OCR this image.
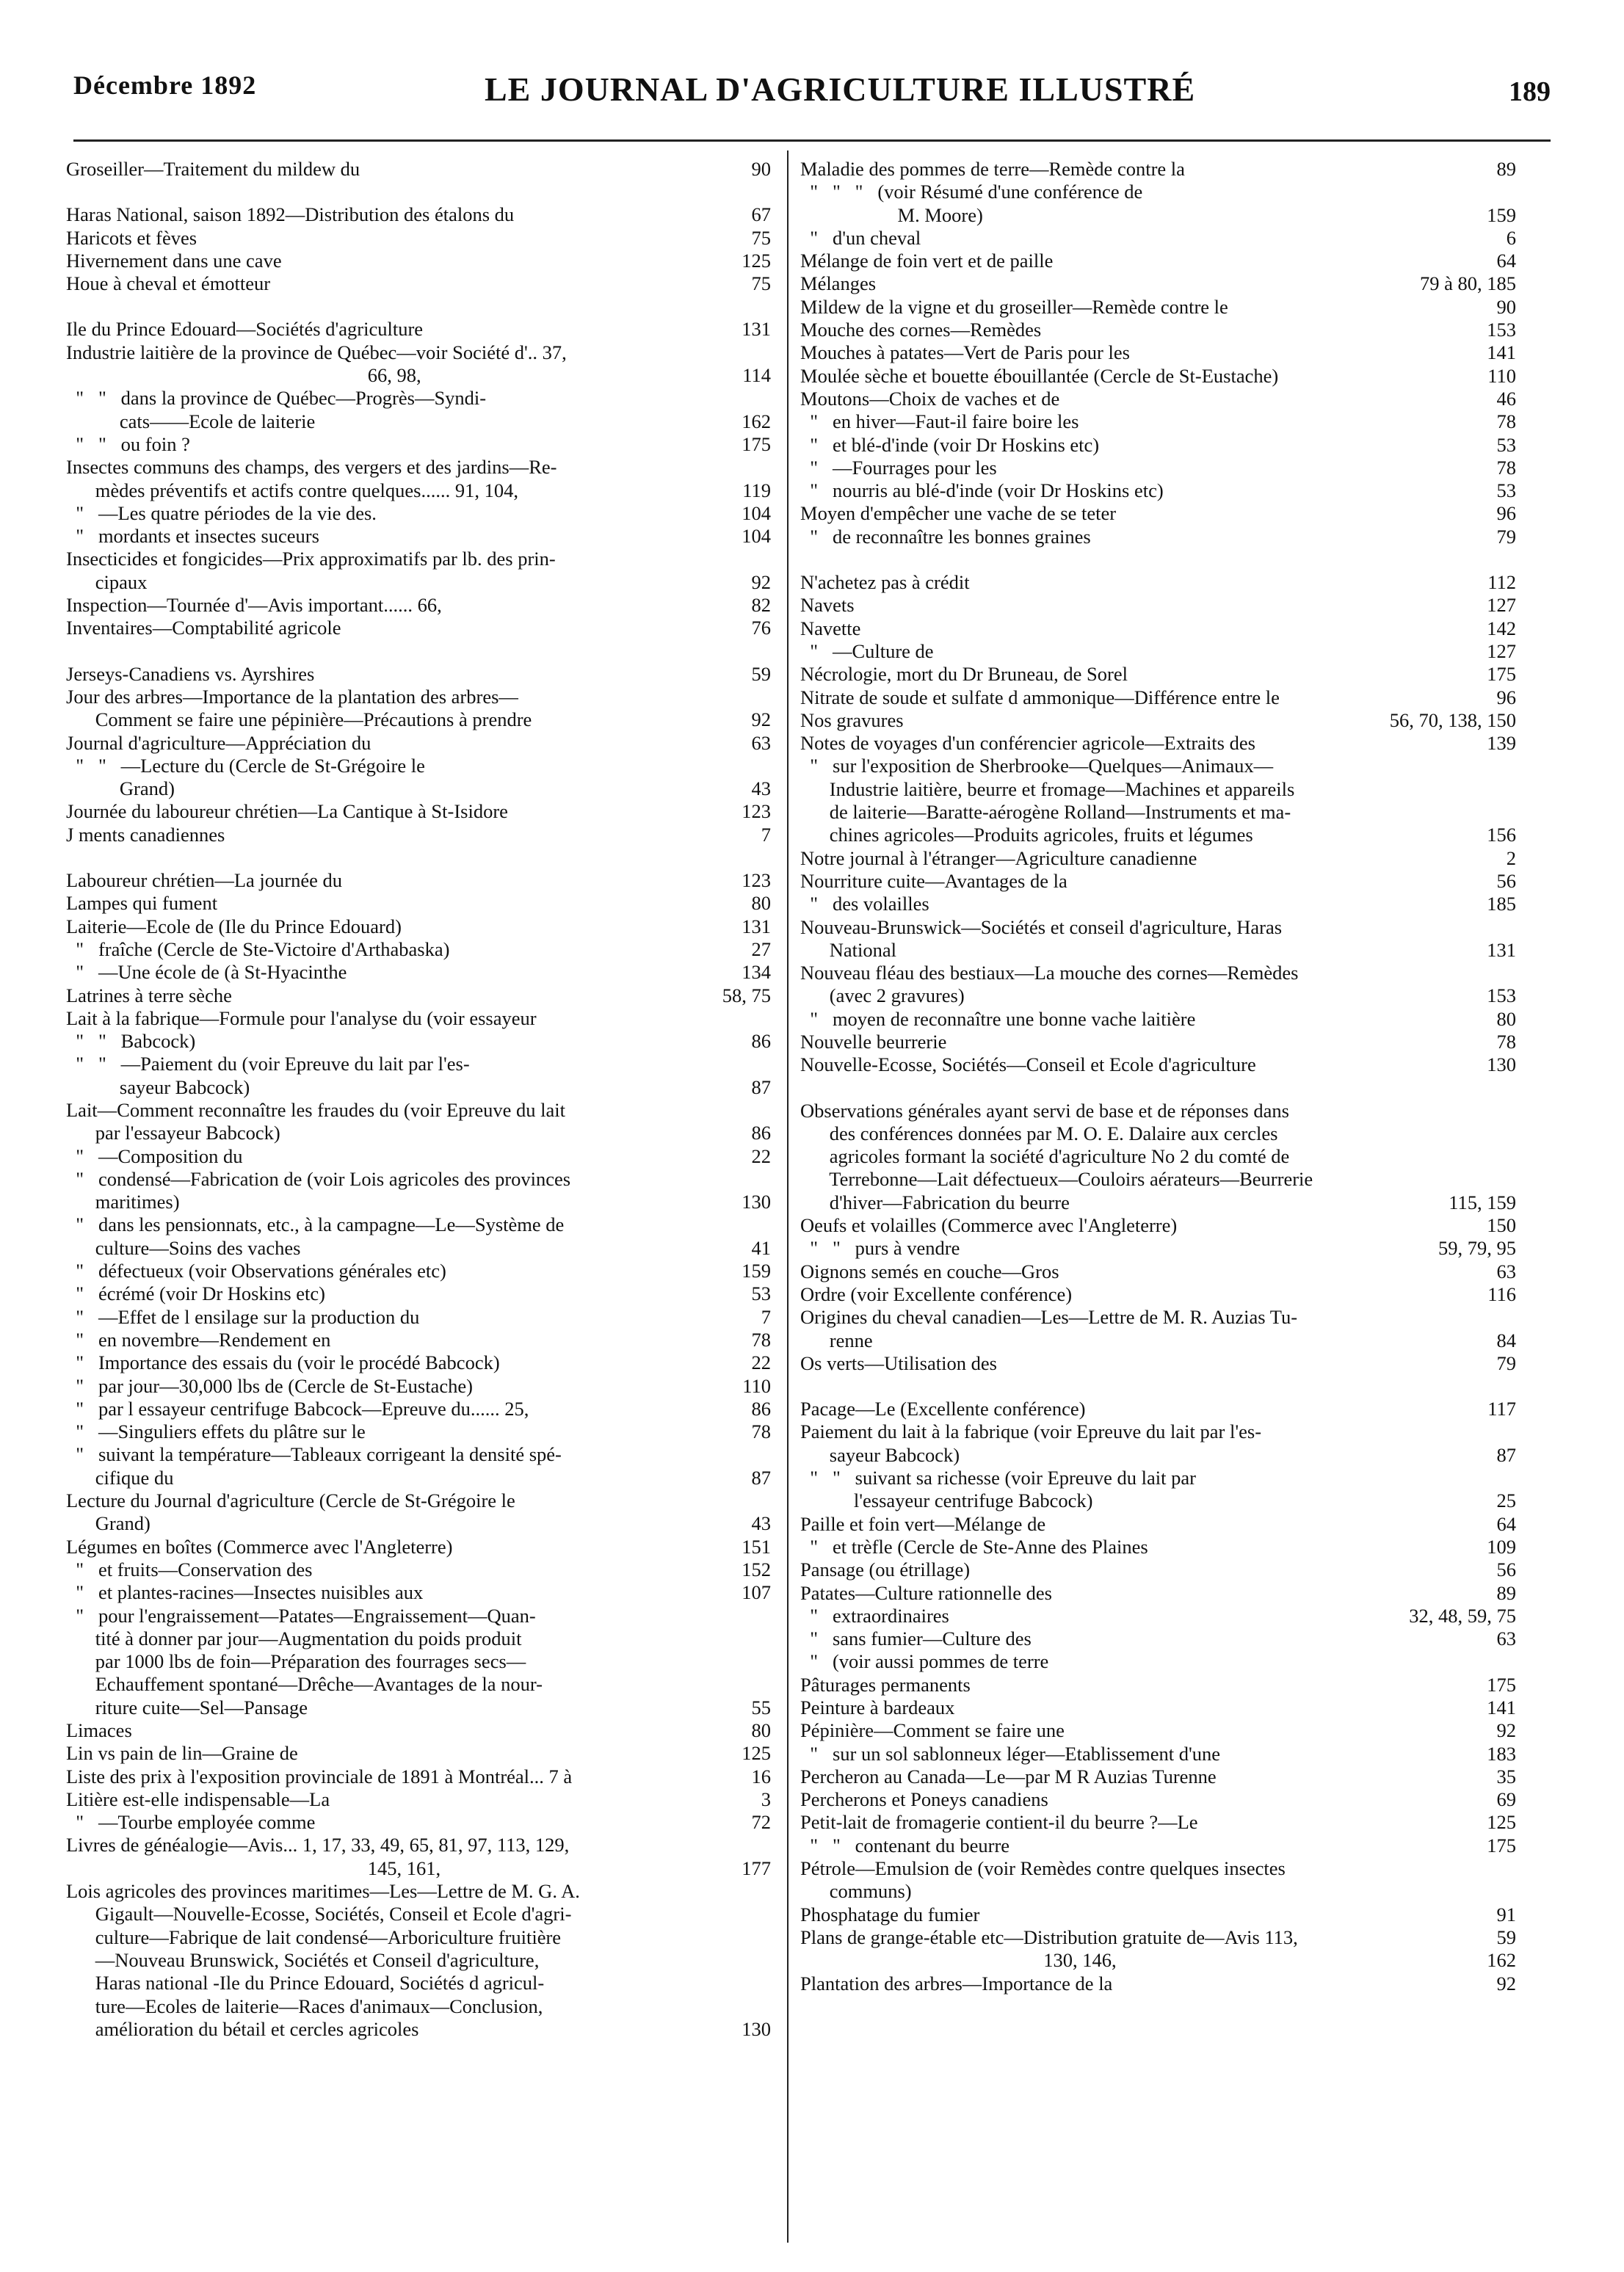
Décembre 1892	LE JOURNAL D'AGRICULTURE ILLUSTRÉ	189
Groseiller—Traitement du mildew du	90
Haras National, saison 1892—Distribution des étalons du	67
Haricots et fèves	75
Hivernement dans une cave	125
Houe à cheval et émotteur	75
Ile du Prince Edouard—Sociétés d'agriculture	131
Industrie laitière de la province de Québec—voir Société d'.. 37,
66, 98,	114
"   "   dans la province de Québec—Progrès—Syndi-
cats——Ecole de laiterie	162
"   "   ou foin ?	175
Insectes communs des champs, des vergers et des jardins—Re-
mèdes préventifs et actifs contre quelques...... 91, 104,	119
"   —Les quatre périodes de la vie des.	104
"   mordants et insectes suceurs	104
Insecticides et fongicides—Prix approximatifs par lb. des prin-
cipaux	92
Inspection—Tournée d'—Avis important...... 66,	82
Inventaires—Comptabilité agricole	76
Jerseys-Canadiens vs. Ayrshires	59
Jour des arbres—Importance de la plantation des arbres—
Comment se faire une pépinière—Précautions à prendre	92
Journal d'agriculture—Appréciation du	63
"   "   —Lecture du (Cercle de St-Grégoire le
Grand)	43
Journée du laboureur chrétien—La Cantique à St-Isidore	123
J ments canadiennes	7
Laboureur chrétien—La journée du	123
Lampes qui fument	80
Laiterie—Ecole de (Ile du Prince Edouard)	131
"   fraîche (Cercle de Ste-Victoire d'Arthabaska)	27
"   —Une école de (à St-Hyacinthe	134
Latrines à terre sèche	58, 75
Lait à la fabrique—Formule pour l'analyse du (voir essayeur
"   "   Babcock)	86
"   "   —Paiement du (voir Epreuve du lait par l'es-
sayeur Babcock)	87
Lait—Comment reconnaître les fraudes du (voir Epreuve du lait
par l'essayeur Babcock)	86
"   —Composition du	22
"   condensé—Fabrication de (voir Lois agricoles des provinces
maritimes)	130
"   dans les pensionnats, etc., à la campagne—Le—Système de
culture—Soins des vaches	41
"   défectueux (voir Observations générales etc)	159
"   écrémé (voir Dr Hoskins etc)	53
"   —Effet de l ensilage sur la production du	7
"   en novembre—Rendement en	78
"   Importance des essais du (voir le procédé Babcock)	22
"   par jour—30,000 lbs de (Cercle de St-Eustache)	110
"   par l essayeur centrifuge Babcock—Epreuve du...... 25,	86
"   —Singuliers effets du plâtre sur le	78
"   suivant la température—Tableaux corrigeant la densité spé-
cifique du	87
Lecture du Journal d'agriculture (Cercle de St-Grégoire le
Grand)	43
Légumes en boîtes (Commerce avec l'Angleterre)	151
"   et fruits—Conservation des	152
"   et plantes-racines—Insectes nuisibles aux	107
"   pour l'engraissement—Patates—Engraissement—Quan-
tité à donner par jour—Augmentation du poids produit
par 1000 lbs de foin—Préparation des fourrages secs—
Echauffement spontané—Drêche—Avantages de la nour-
riture cuite—Sel—Pansage	55
Limaces	80
Lin vs pain de lin—Graine de	125
Liste des prix à l'exposition provinciale de 1891 à Montréal... 7 à	16
Litière est-elle indispensable—La	3
"   —Tourbe employée comme	72
Livres de généalogie—Avis... 1, 17, 33, 49, 65, 81, 97, 113, 129,
145, 161,	177
Lois agricoles des provinces maritimes—Les—Lettre de M. G. A.
Gigault—Nouvelle-Ecosse, Sociétés, Conseil et Ecole d'agri-
culture—Fabrique de lait condensé—Arboriculture fruitière
—Nouveau Brunswick, Sociétés et Conseil d'agriculture,
Haras national -Ile du Prince Edouard, Sociétés d agricul-
ture—Ecoles de laiterie—Races d'animaux—Conclusion,
amélioration du bétail et cercles agricoles	130
Maladie des pommes de terre—Remède contre la	89
"   "   "   (voir Résumé d'une conférence de
M. Moore)	159
"   d'un cheval	6
Mélange de foin vert et de paille	64
Mélanges	79 à 80, 185
Mildew de la vigne et du groseiller—Remède contre le	90
Mouche des cornes—Remèdes	153
Mouches à patates—Vert de Paris pour les	141
Moulée sèche et bouette ébouillantée (Cercle de St-Eustache)	110
Moutons—Choix de vaches et de	46
"   en hiver—Faut-il faire boire les	78
"   et blé-d'inde (voir Dr Hoskins etc)	53
"   —Fourrages pour les	78
"   nourris au blé-d'inde (voir Dr Hoskins etc)	53
Moyen d'empêcher une vache de se teter	96
"   de reconnaître les bonnes graines	79
N'achetez pas à crédit	112
Navets	127
Navette	142
"   —Culture de	127
Nécrologie, mort du Dr Bruneau, de Sorel	175
Nitrate de soude et sulfate d ammonique—Différence entre le	96
Nos gravures	56, 70, 138, 150
Notes de voyages d'un conférencier agricole—Extraits des	139
"   sur l'exposition de Sherbrooke—Quelques—Animaux—
Industrie laitière, beurre et fromage—Machines et appareils
de laiterie—Baratte-aérogène Rolland—Instruments et ma-
chines agricoles—Produits agricoles, fruits et légumes	156
Notre journal à l'étranger—Agriculture canadienne	2
Nourriture cuite—Avantages de la	56
"   des volailles	185
Nouveau-Brunswick—Sociétés et conseil d'agriculture, Haras
National	131
Nouveau fléau des bestiaux—La mouche des cornes—Remèdes
(avec 2 gravures)	153
"   moyen de reconnaître une bonne vache laitière	80
Nouvelle beurrerie	78
Nouvelle-Ecosse, Sociétés—Conseil et Ecole d'agriculture	130
Observations générales ayant servi de base et de réponses dans
des conférences données par M. O. E. Dalaire aux cercles
agricoles formant la société d'agriculture No 2 du comté de
Terrebonne—Lait défectueux—Couloirs aérateurs—Beurrerie
d'hiver—Fabrication du beurre	115, 159
Oeufs et volailles (Commerce avec l'Angleterre)	150
"   "   purs à vendre	59, 79, 95
Oignons semés en couche—Gros	63
Ordre (voir Excellente conférence)	116
Origines du cheval canadien—Les—Lettre de M. R. Auzias Tu-
renne	84
Os verts—Utilisation des	79
Pacage—Le (Excellente conférence)	117
Paiement du lait à la fabrique (voir Epreuve du lait par l'es-
sayeur Babcock)	87
"   "   suivant sa richesse (voir Epreuve du lait par
l'essayeur centrifuge Babcock)	25
Paille et foin vert—Mélange de	64
"   et trèfle (Cercle de Ste-Anne des Plaines	109
Pansage (ou étrillage)	56
Patates—Culture rationnelle des	89
"   extraordinaires	32, 48, 59, 75
"   sans fumier—Culture des	63
"   (voir aussi pommes de terre
Pâturages permanents	175
Peinture à bardeaux	141
Pépinière—Comment se faire une	92
"   sur un sol sablonneux léger—Etablissement d'une	183
Percheron au Canada—Le—par M R Auzias Turenne	35
Percherons et Poneys canadiens	69
Petit-lait de fromagerie contient-il du beurre ?—Le	125
"   "   contenant du beurre	175
Pétrole—Emulsion de (voir Remèdes contre quelques insectes
communs)
Phosphatage du fumier	91
Plans de grange-étable etc—Distribution gratuite de—Avis 113,	59
130, 146,	162
Plantation des arbres—Importance de la	92
